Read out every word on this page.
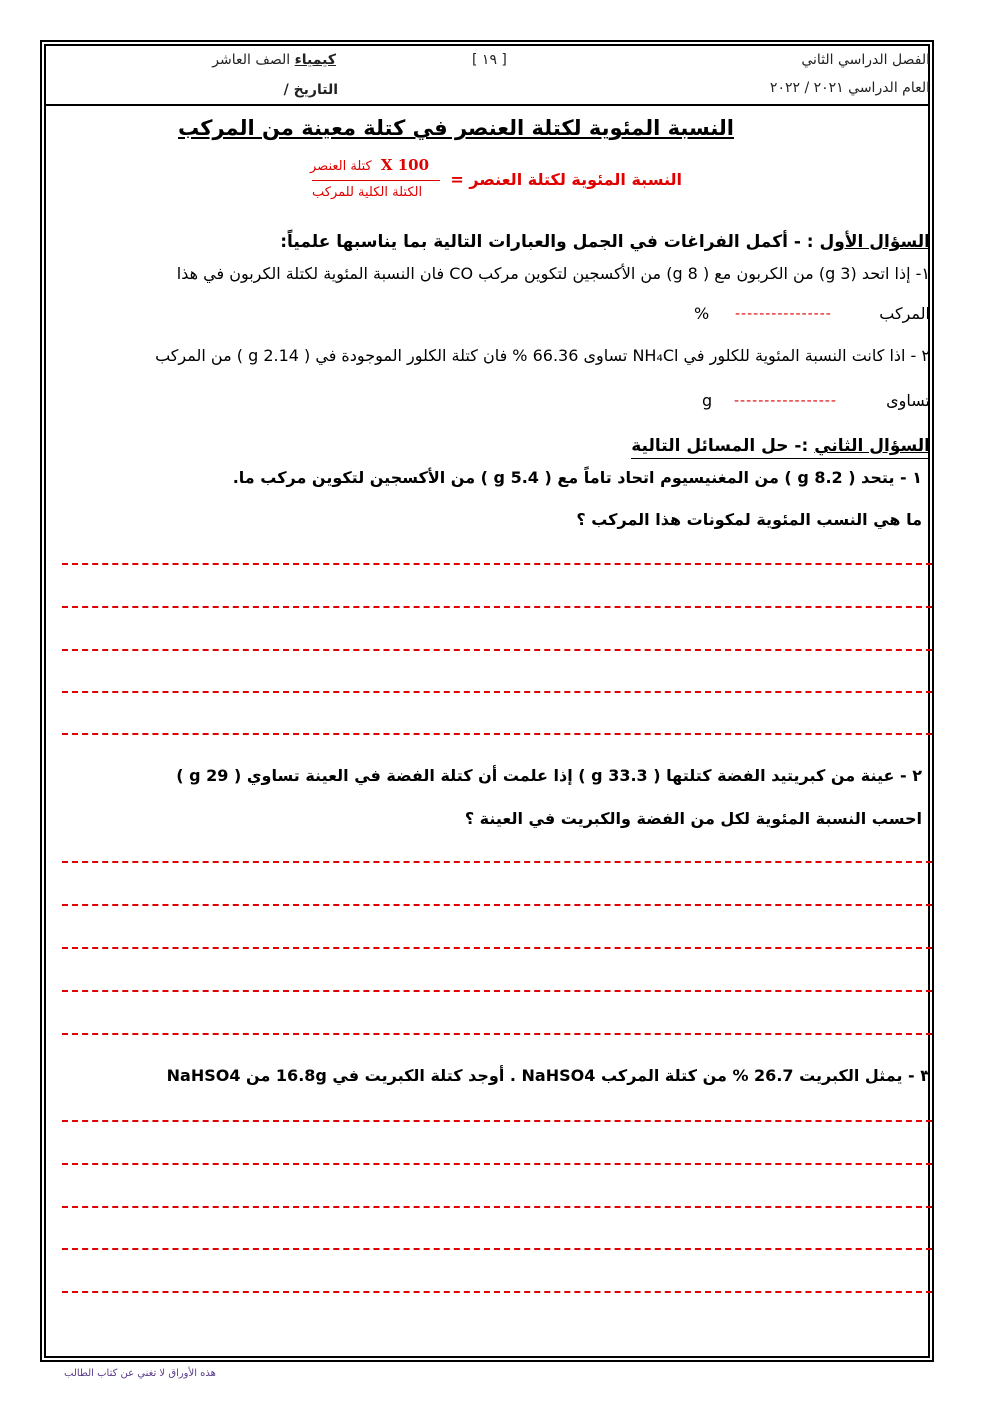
الفصل الدراسي الثاني
العام الدراسي ٢٠٢١ / ٢٠٢٢
[ ١٩ ]
كيمياء الصف العاشر
التاريخ /
النسبة المئوية لكتلة العنصر في كتلة معينة من المركب
النسبة المئوية لكتلة العنصر =
كتلة العنصر X 100
الكتلة الكلية للمركب
السؤال الأول : - أكمل الفراغات في الجمل والعبارات التالية بما يناسبها علمياً:
١- إذا اتحد (g 3) من الكربون مع ( g 8) من الأكسجين لتكوين مركب CO فان النسبة المئوية لكتلة الكربون في هذا
المركب
----------------
%
٢ - اذا كانت النسبة المئوية للكلور في NH₄Cl تساوى 66.36 % فان كتلة الكلور الموجودة في ( 2.14 g ) من المركب
تساوى
-----------------
g
السؤال الثاني :- حل المسائل التالية
١ - يتحد ( 8.2 g ) من المغنيسيوم اتحاد تاماً مع ( 5.4 g ) من الأكسجين لتكوين مركب ما.
ما هي النسب المئوية لمكونات هذا المركب ؟
٢ - عينة من كبريتيد الفضة كتلتها ( 33.3 g ) إذا علمت أن كتلة الفضة في العينة تساوي ( 29 g )
احسب النسبة المئوية لكل من الفضة والكبريت في العينة ؟
٣ - يمثل الكبريت 26.7 % من كتلة المركب NaHSO4 . أوجد كتلة الكبريت في 16.8g من NaHSO4
هذه الأوراق لا تغني عن كتاب الطالب
